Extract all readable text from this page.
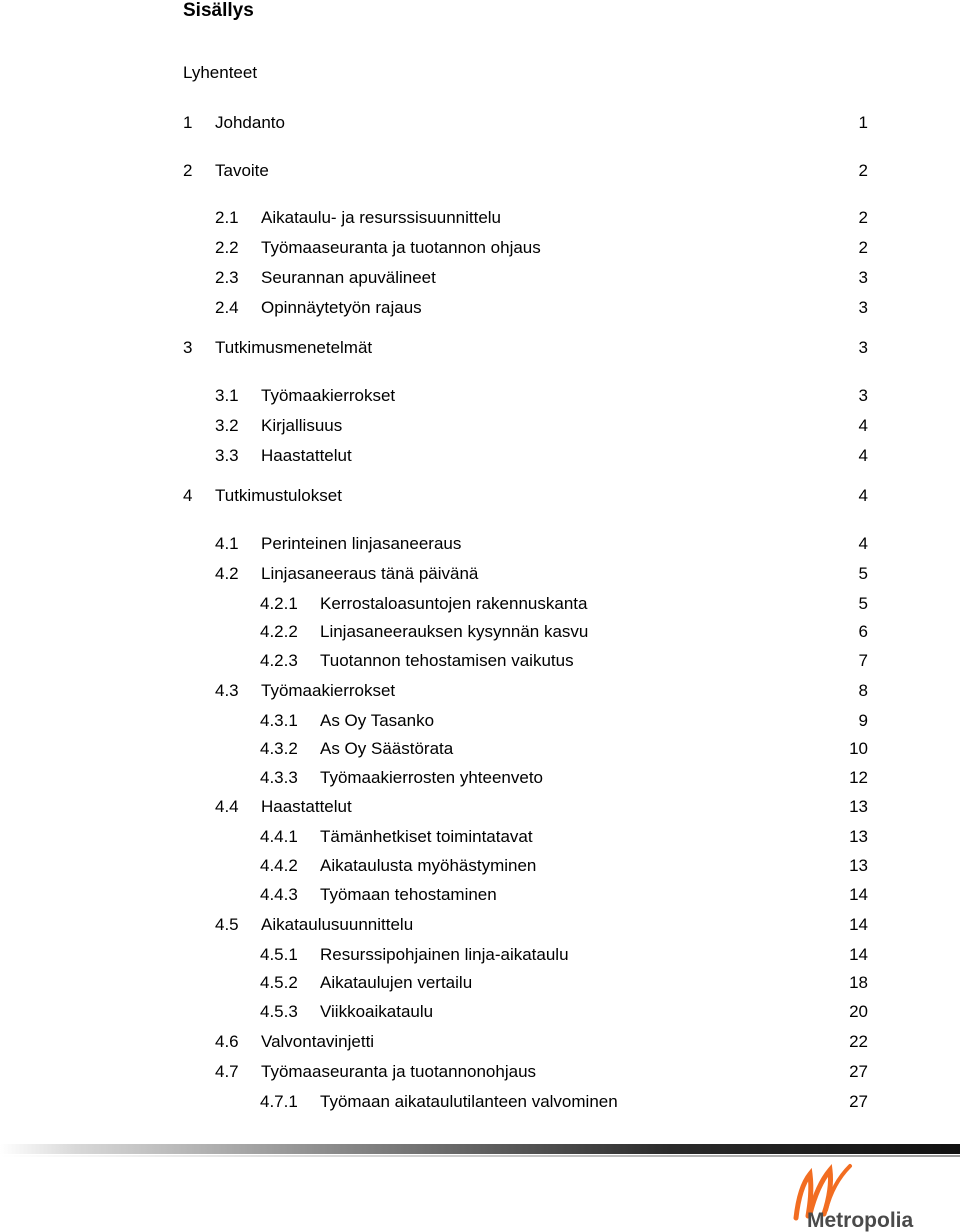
Sisällys
Lyhenteet
1 Johdanto	1
2 Tavoite	2
2.1 Aikataulu- ja resurssisuunnittelu	2
2.2 Työmaaseuranta ja tuotannon ohjaus	2
2.3 Seurannan apuvälineet	3
2.4 Opinnäytetyön rajaus	3
3 Tutkimusmenetelmät	3
3.1 Työmaakierrokset	3
3.2 Kirjallisuus	4
3.3 Haastattelut	4
4 Tutkimustulokset	4
4.1 Perinteinen linjasaneeraus	4
4.2 Linjasaneeraus tänä päivänä	5
4.2.1 Kerrostaloasuntojen rakennuskanta	5
4.2.2 Linjasaneerauksen kysynnän kasvu	6
4.2.3 Tuotannon tehostamisen vaikutus	7
4.3 Työmaakierrokset	8
4.3.1 As Oy Tasanko	9
4.3.2 As Oy Säästörata	10
4.3.3 Työmaakierrosten yhteenveto	12
4.4 Haastattelut	13
4.4.1 Tämänhetkiset toimintatavat	13
4.4.2 Aikataulusta myöhästyminen	13
4.4.3 Työmaan tehostaminen	14
4.5 Aikataulusuunnittelu	14
4.5.1 Resurssipohjainen linja-aikataulu	14
4.5.2 Aikataulujen vertailu	18
4.5.3 Viikkoaikataulu	20
4.6 Valvontavinjetti	22
4.7 Työmaaseuranta ja tuotannonohjaus	27
4.7.1 Työmaan aikataulutilanteen valvominen	27
Metropolia
